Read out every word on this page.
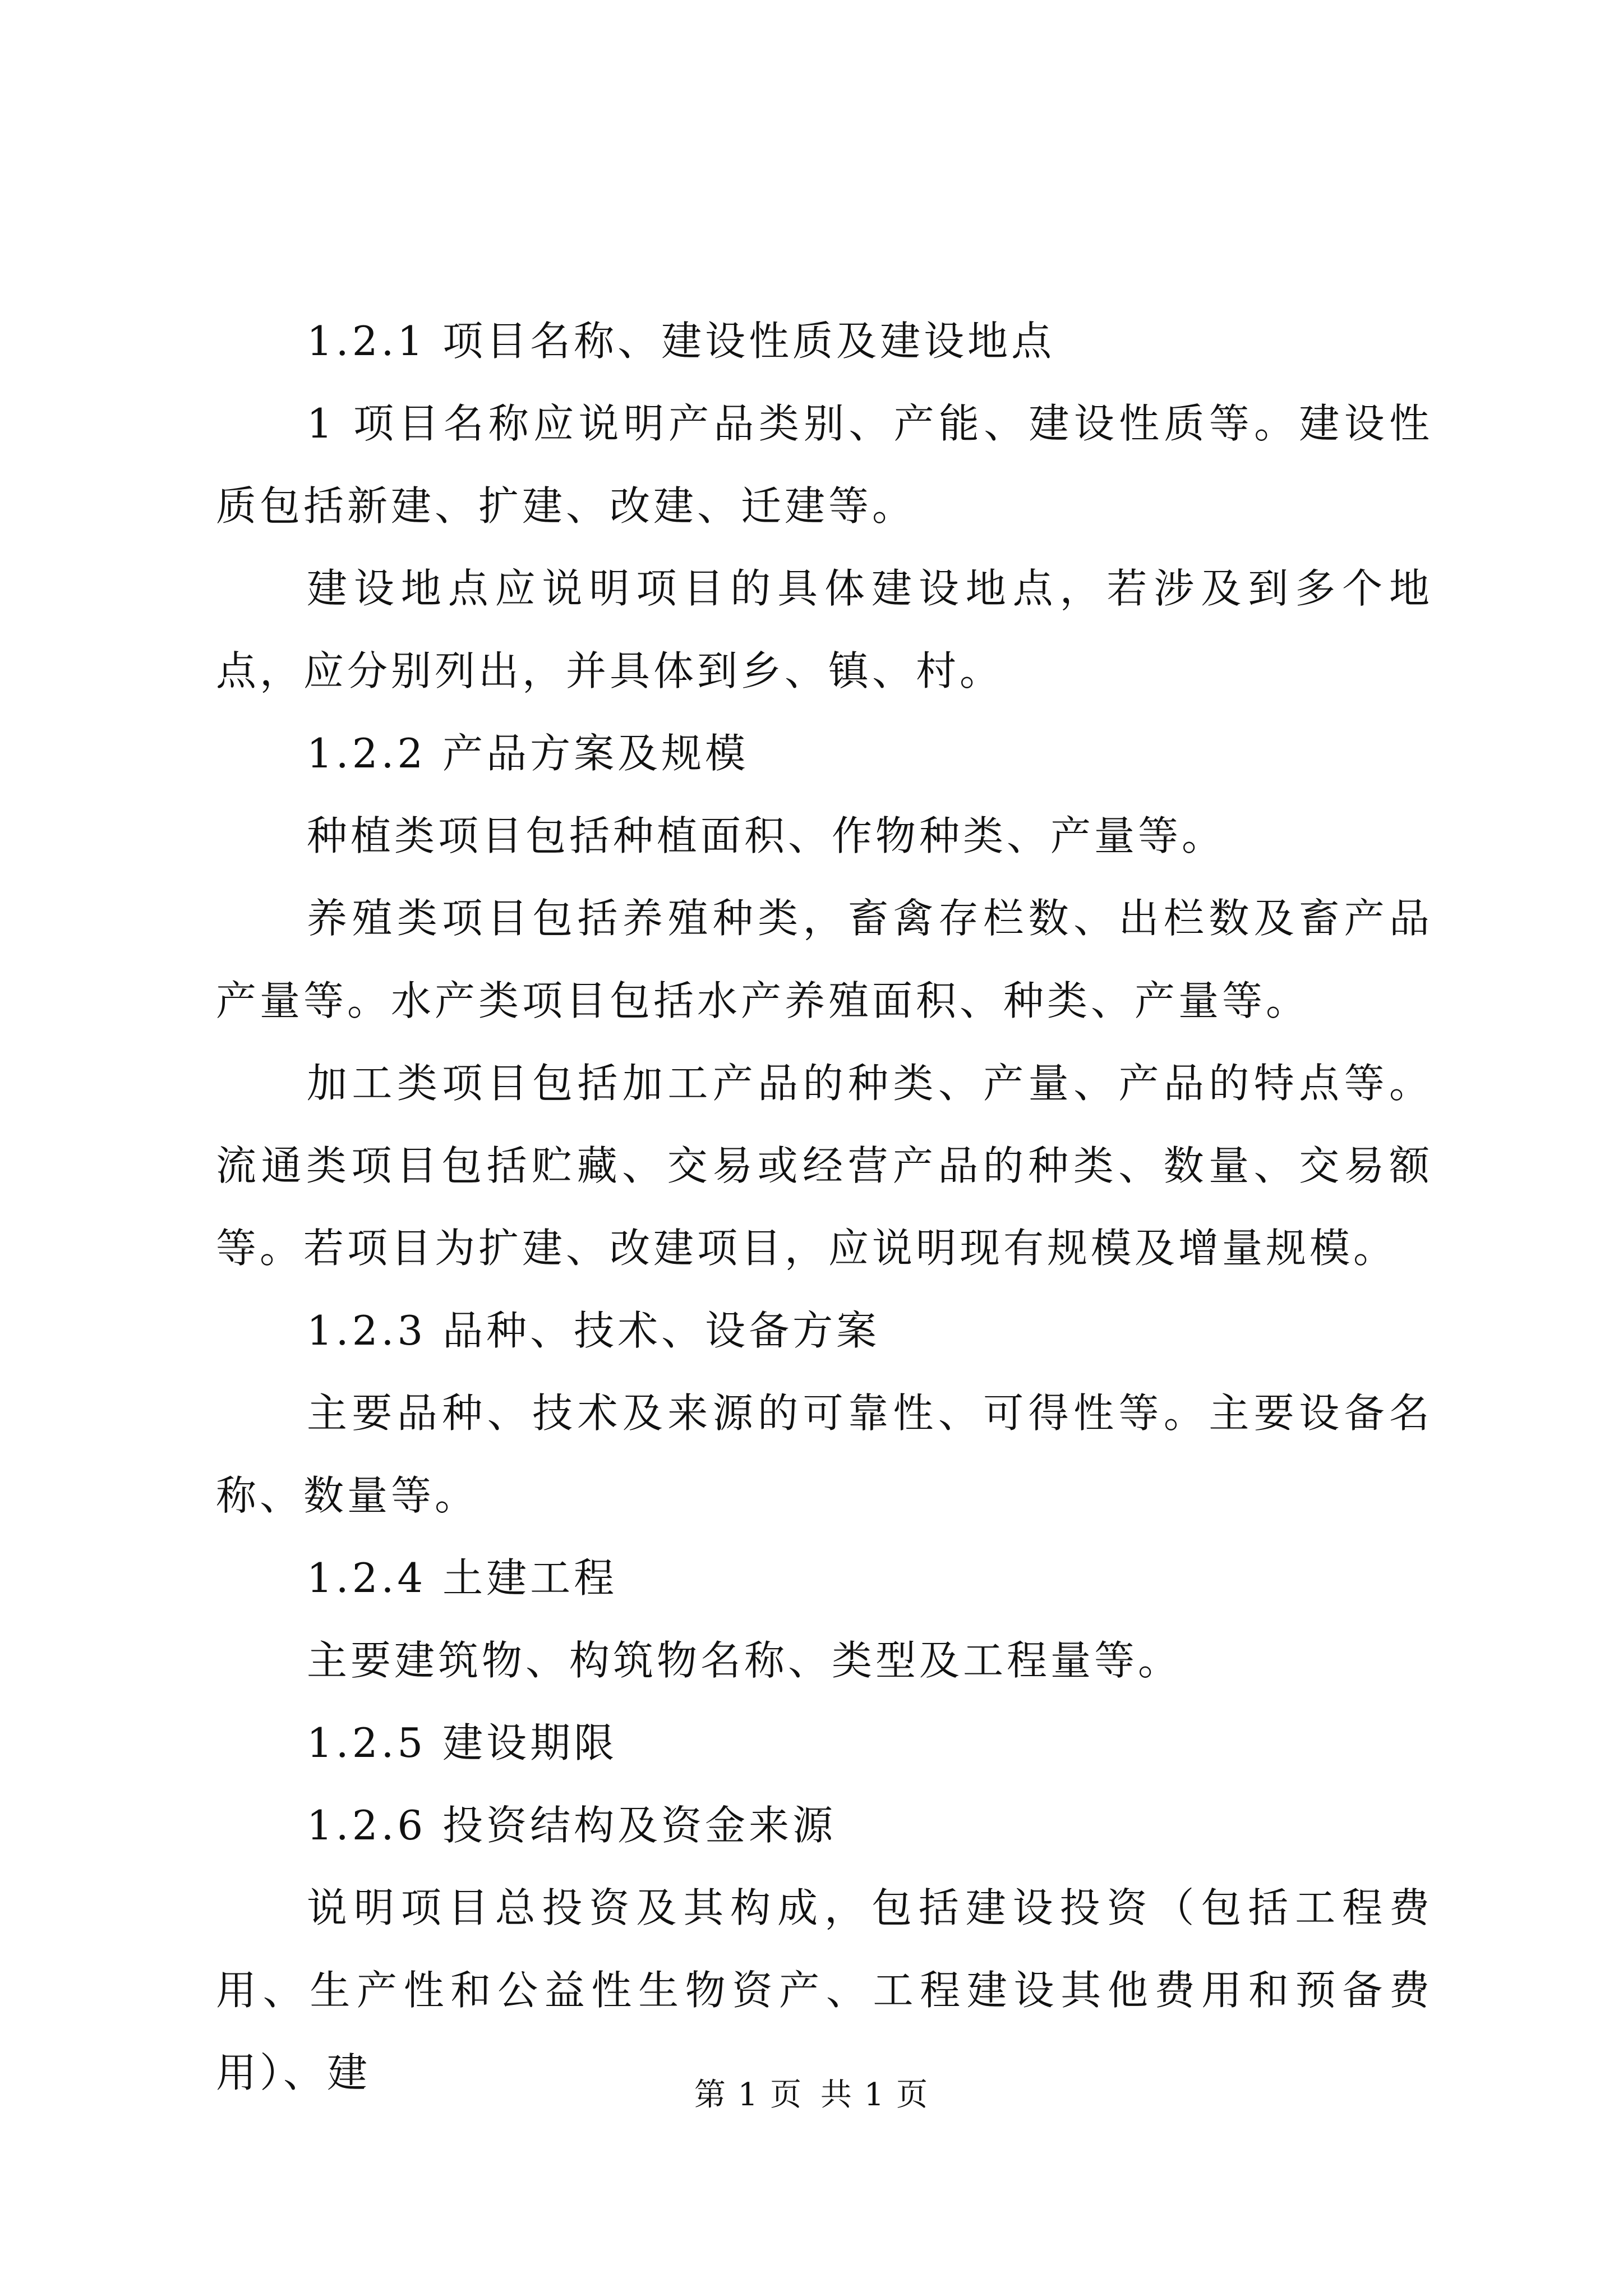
1.2.1 项目名称、建设性质及建设地点

1 项目名称应说明产品类别、产能、建设性质等。建设性质包括新建、扩建、改建、迁建等。

建设地点应说明项目的具体建设地点，若涉及到多个地点，应分别列出，并具体到乡、镇、村。

1.2.2 产品方案及规模

种植类项目包括种植面积、作物种类、产量等。

养殖类项目包括养殖种类，畜禽存栏数、出栏数及畜产品产量等。水产类项目包括水产养殖面积、种类、产量等。

加工类项目包括加工产品的种类、产量、产品的特点等。流通类项目包括贮藏、交易或经营产品的种类、数量、交易额等。若项目为扩建、改建项目，应说明现有规模及增量规模。

1.2.3 品种、技术、设备方案

主要品种、技术及来源的可靠性、可得性等。主要设备名称、数量等。

1.2.4 土建工程

主要建筑物、构筑物名称、类型及工程量等。

1.2.5 建设期限

1.2.6 投资结构及资金来源

说明项目总投资及其构成，包括建设投资（包括工程费用、生产性和公益性生物资产、工程建设其他费用和预备费用）、建	第 1 页 共 1 页
